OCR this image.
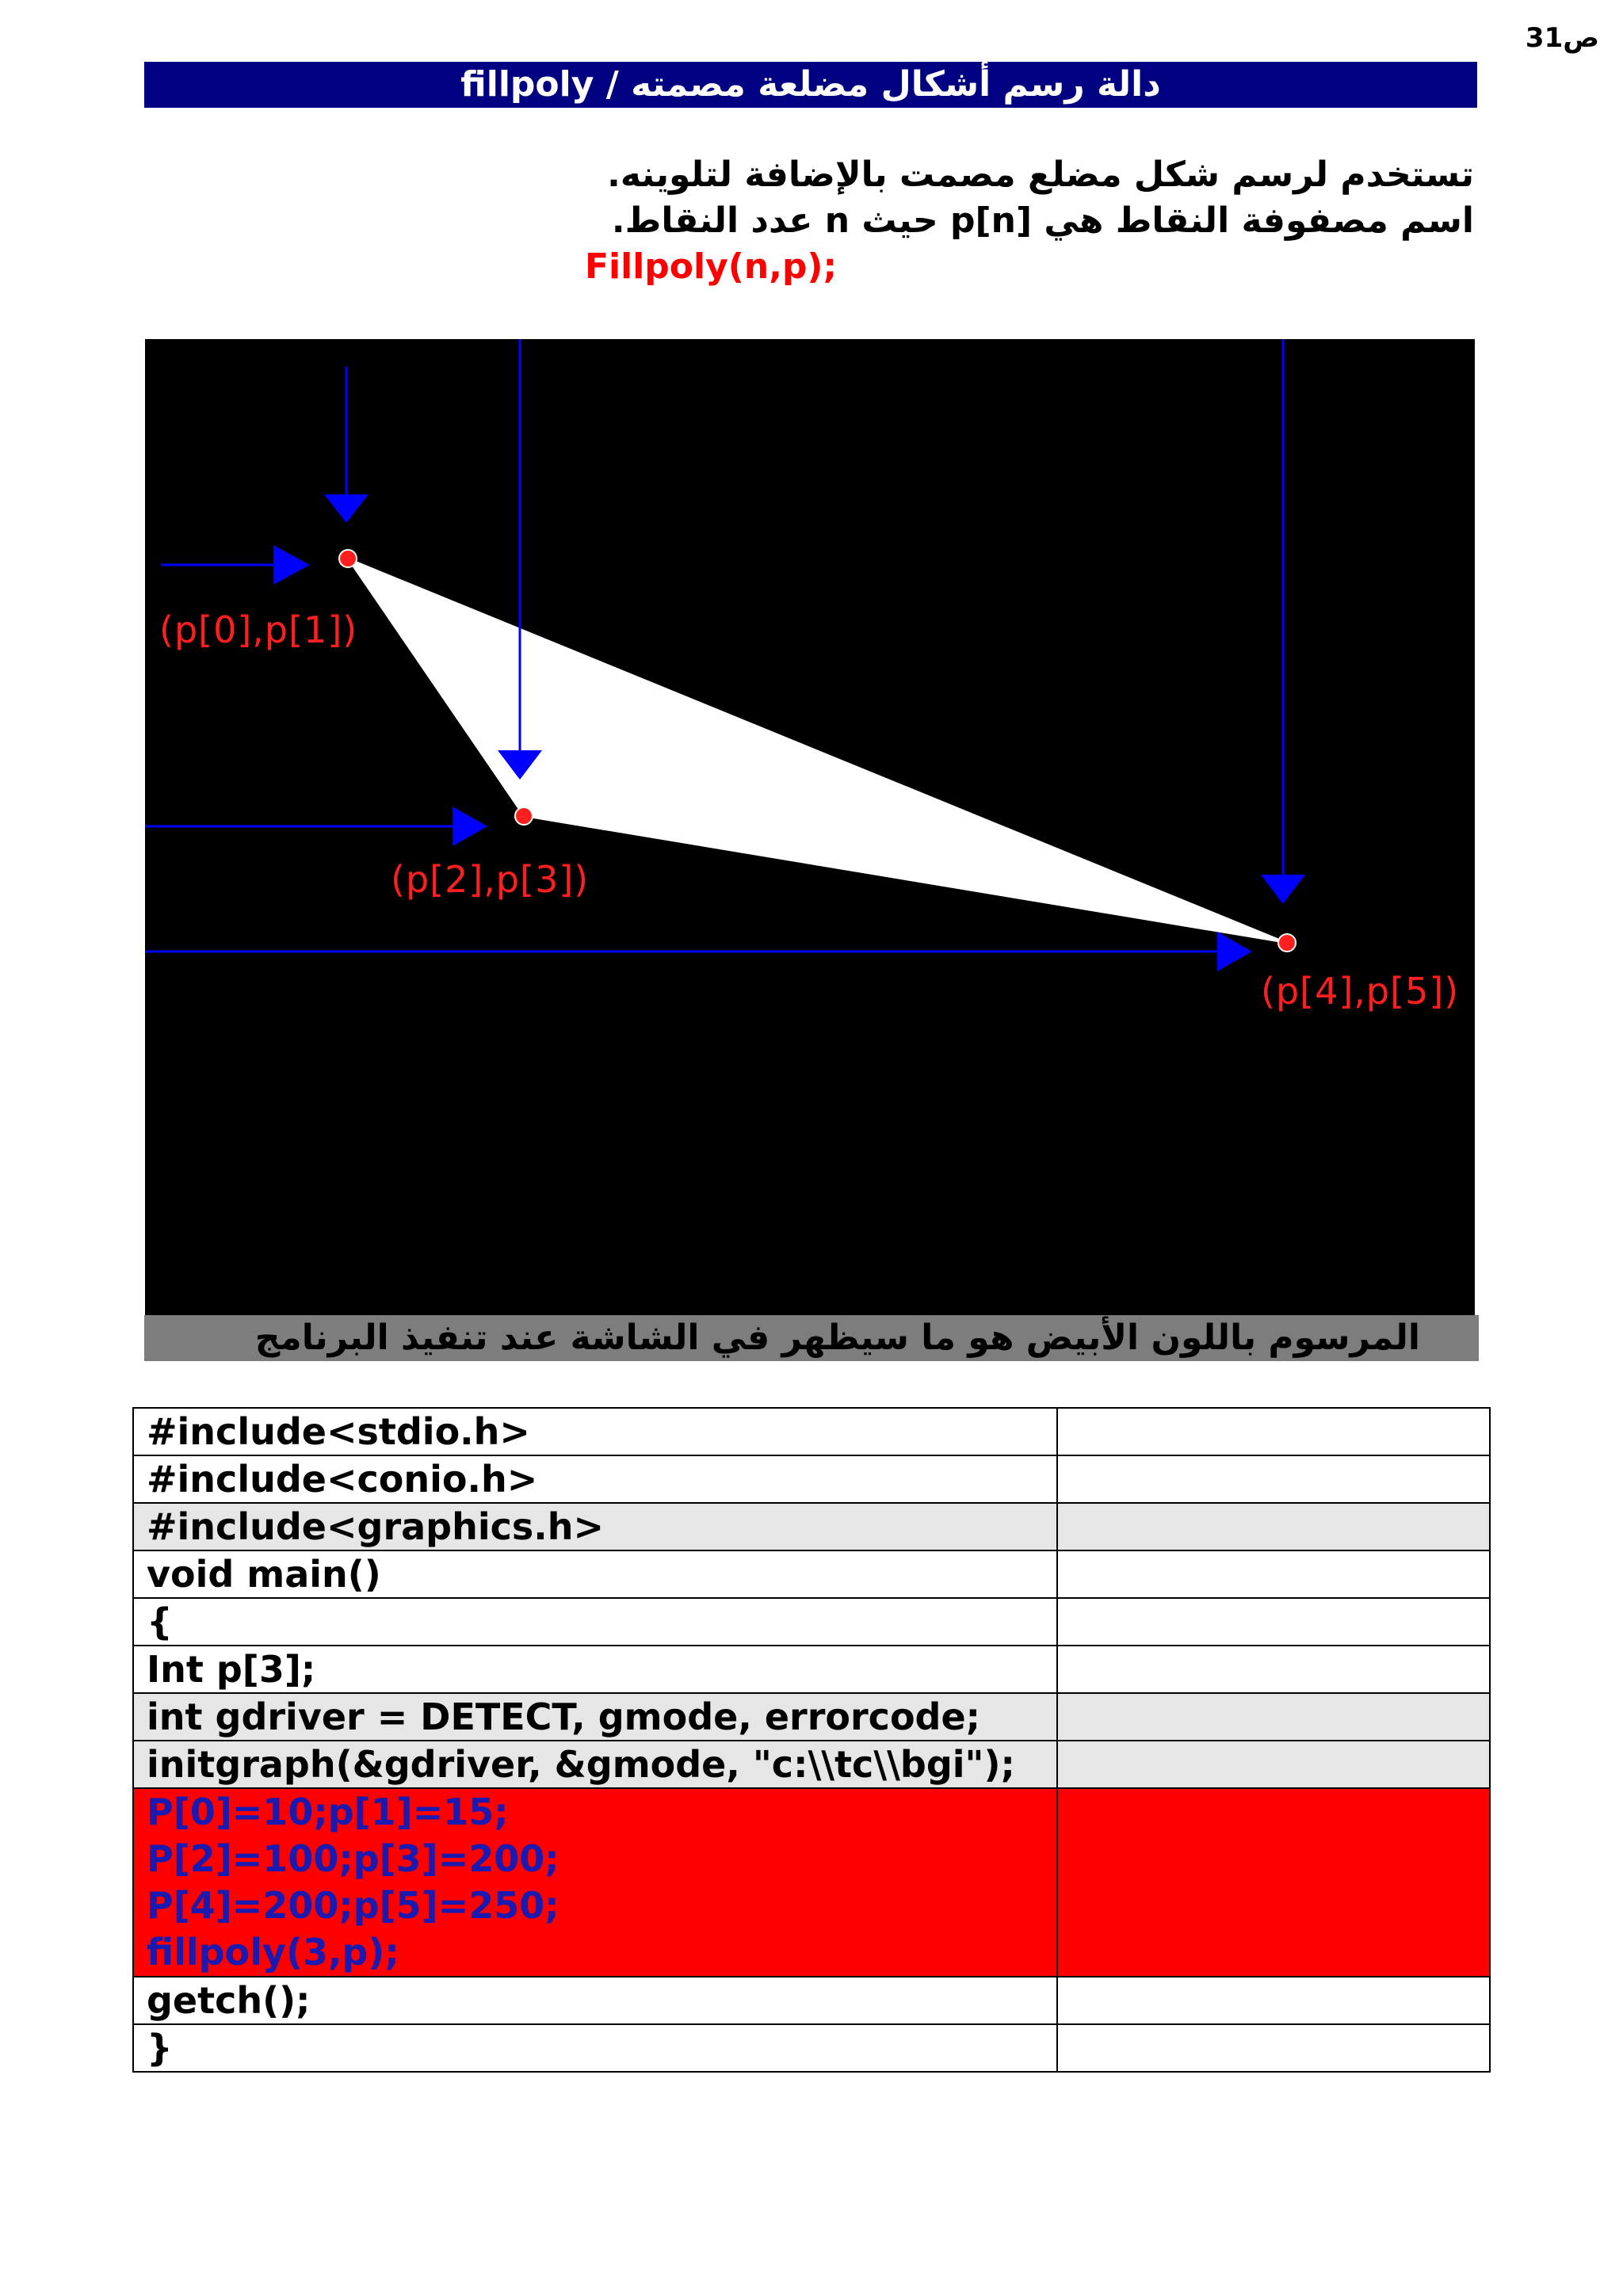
ص31
دالة رسم أشكال مضلعة مصمته / fillpoly
تستخدم لرسم شكل مضلع مصمت بالإضافة لتلوينه.
اسم مصفوفة النقاط هي [p[n حيث n عدد النقاط.
Fillpoly(n,p);
(p[0],p[1])
(p[2],p[3])
(p[4],p[5])
المرسوم باللون الأبيض هو ما سيظهر في الشاشة عند تنفيذ البرنامج
#include<stdio.h>	
#include<conio.h>	
#include<graphics.h>	
void main()	
{	
Int p[3];	
int gdriver = DETECT, gmode, errorcode;	
initgraph(&gdriver, &gmode, "c:\\tc\\bgi");	

P[0]=10;p[1]=15;
P[2]=100;p[3]=200;
P[4]=200;p[5]=250;
fillpoly(3,p);	

getch();	
}	
